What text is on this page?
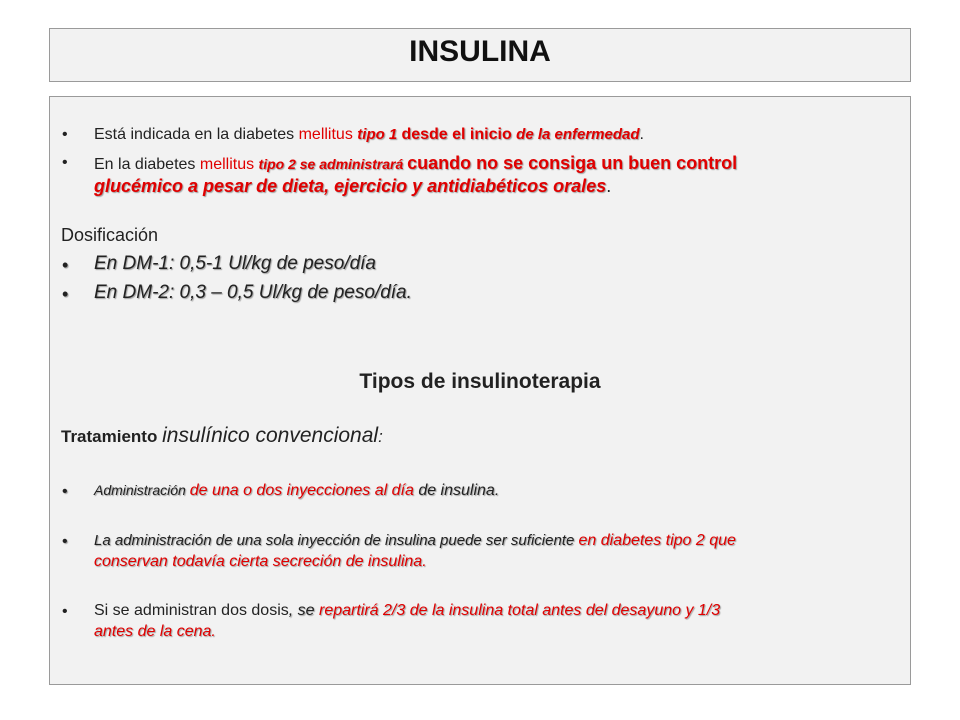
INSULINA
• Está indicada en la diabetes mellitus tipo 1 desde el inicio de la enfermedad.
• En la diabetes mellitus tipo 2 se administrará cuando no se consiga un buen control
glucémico a pesar de dieta, ejercicio y antidiabéticos orales.
Dosificación
• En DM-1: 0,5-1 Ul/kg de peso/día
• En DM-2: 0,3 – 0,5 Ul/kg de peso/día.
Tipos de insulinoterapia
Tratamiento insulínico convencional:
• Administración de una o dos inyecciones al día de insulina.
• La administración de una sola inyección de insulina puede ser suficiente en diabetes tipo 2 que
conservan todavía cierta secreción de insulina.
• Si se administran dos dosis, se repartirá 2/3 de la insulina total antes del desayuno y 1/3
antes de la cena.
